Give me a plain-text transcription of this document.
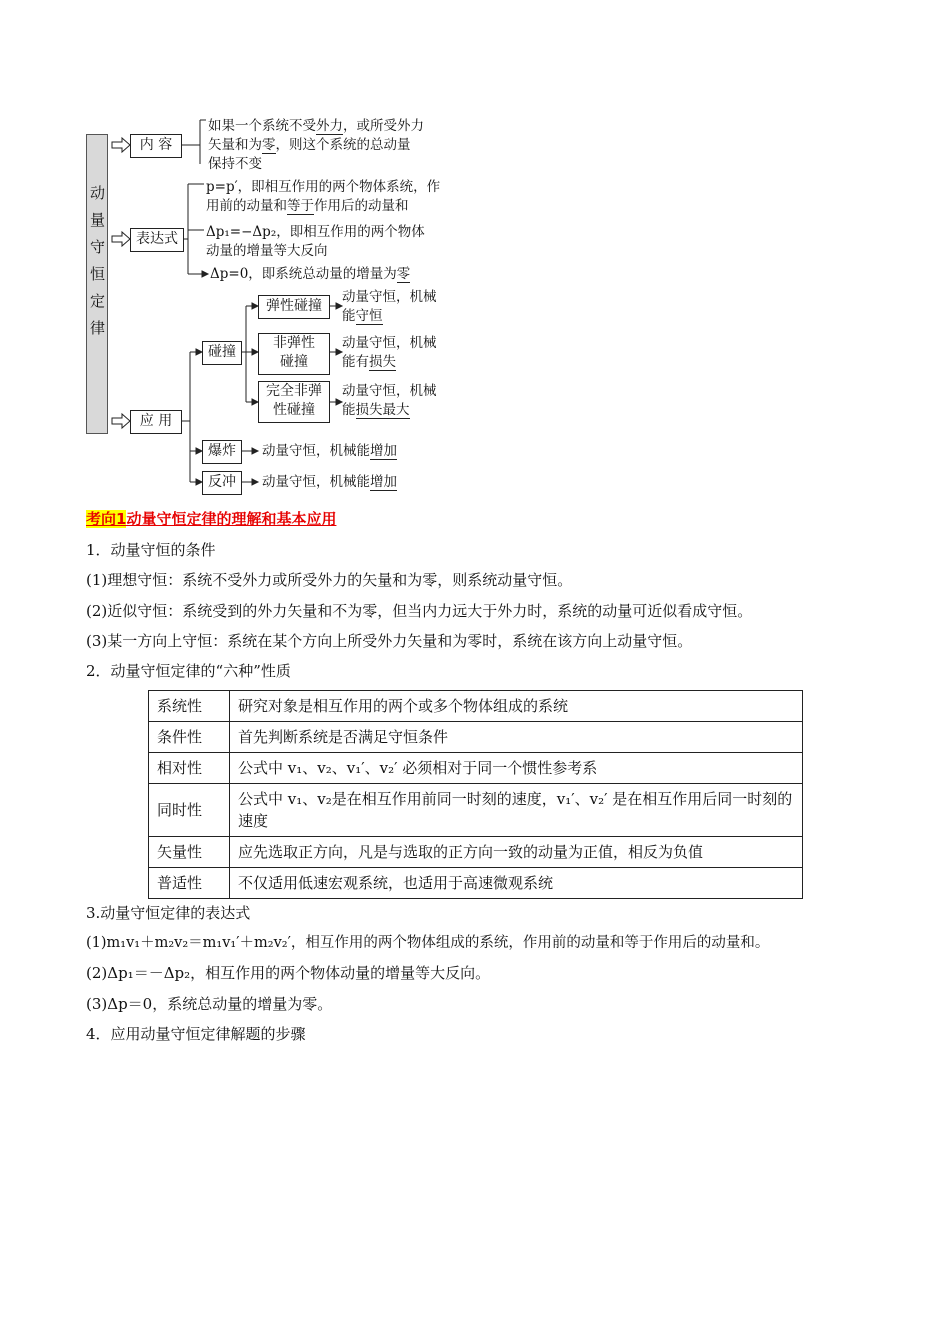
动量守恒定律
内 容
如果一个系统不受外力，或所受外力
矢量和为零，则这个系统的总动量
保持不变
表达式
p=p′，即相互作用的两个物体系统，作
用前的动量和等于作用后的动量和
Δp₁=−Δp₂，即相互作用的两个物体
动量的增量等大反向
Δp=0，即系统总动量的增量为零
应 用
碰撞
弹性碰撞
动量守恒，机械
能守恒
非弹性
碰撞
动量守恒，机械
能有损失
完全非弹
性碰撞
动量守恒，机械
能损失最大
爆炸	动量守恒，机械能增加
反冲	动量守恒，机械能增加
考向1动量守恒定律的理解和基本应用
1．动量守恒的条件
(1)理想守恒：系统不受外力或所受外力的矢量和为零，则系统动量守恒。
(2)近似守恒：系统受到的外力矢量和不为零，但当内力远大于外力时，系统的动量可近似看成守恒。
(3)某一方向上守恒：系统在某个方向上所受外力矢量和为零时，系统在该方向上动量守恒。
2．动量守恒定律的“六种”性质
系统性	研究对象是相互作用的两个或多个物体组成的系统
条件性	首先判断系统是否满足守恒条件
相对性	公式中 v₁、v₂、v₁′、v₂′ 必须相对于同一个惯性参考系
同时性	公式中 v₁、v₂是在相互作用前同一时刻的速度，v₁′、v₂′ 是在相互作用后同一时刻的速度
矢量性	应先选取正方向，凡是与选取的正方向一致的动量为正值，相反为负值
普适性	不仅适用低速宏观系统，也适用于高速微观系统
3.动量守恒定律的表达式
(1)m₁v₁＋m₂v₂＝m₁v₁′＋m₂v₂′，相互作用的两个物体组成的系统，作用前的动量和等于作用后的动量和。
(2)Δp₁＝－Δp₂，相互作用的两个物体动量的增量等大反向。
(3)Δp＝0，系统总动量的增量为零。
4．应用动量守恒定律解题的步骤
